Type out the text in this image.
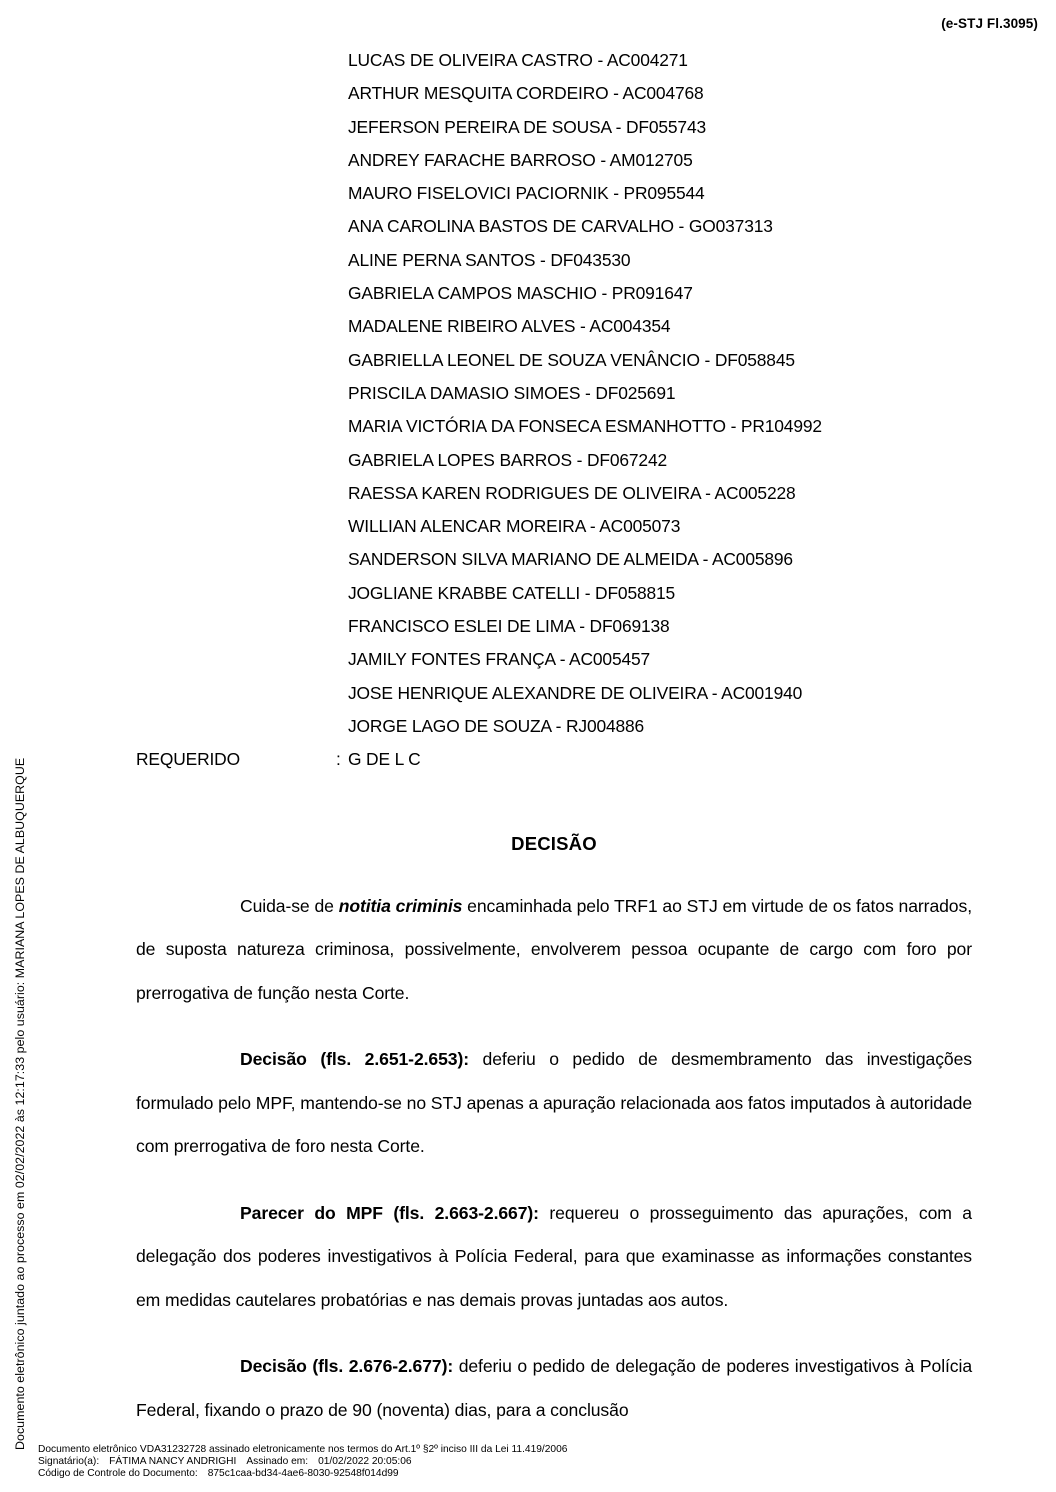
(e-STJ Fl.3095)
Documento eletrônico juntado ao processo em 02/02/2022 às 12:17:33 pelo usuário: MARIANA LOPES DE ALBUQUERQUE
LUCAS DE OLIVEIRA CASTRO - AC004271
ARTHUR MESQUITA CORDEIRO - AC004768
JEFERSON PEREIRA DE SOUSA - DF055743
ANDREY FARACHE BARROSO - AM012705
MAURO FISELOVICI PACIORNIK - PR095544
ANA CAROLINA BASTOS DE CARVALHO - GO037313
ALINE PERNA SANTOS - DF043530
GABRIELA CAMPOS MASCHIO - PR091647
MADALENE RIBEIRO ALVES - AC004354
GABRIELLA LEONEL DE SOUZA VENÂNCIO - DF058845
PRISCILA DAMASIO SIMOES - DF025691
MARIA VICTÓRIA DA FONSECA ESMANHOTTO - PR104992
GABRIELA LOPES BARROS - DF067242
RAESSA KAREN RODRIGUES DE OLIVEIRA - AC005228
WILLIAN ALENCAR MOREIRA - AC005073
SANDERSON SILVA MARIANO DE ALMEIDA - AC005896
JOGLIANE KRABBE CATELLI - DF058815
FRANCISCO ESLEI DE LIMA - DF069138
JAMILY FONTES FRANÇA - AC005457
JOSE HENRIQUE ALEXANDRE DE OLIVEIRA - AC001940
JORGE LAGO DE SOUZA - RJ004886
REQUERIDO	: G DE L C
DECISÃO

Cuida-se de notitia criminis encaminhada pelo TRF1 ao STJ em virtude de os fatos narrados, de suposta natureza criminosa, possivelmente, envolverem pessoa ocupante de cargo com foro por prerrogativa de função nesta Corte.

Decisão (fls. 2.651-2.653): deferiu o pedido de desmembramento das investigações formulado pelo MPF, mantendo-se no STJ apenas a apuração relacionada aos fatos imputados à autoridade com prerrogativa de foro nesta Corte.

Parecer do MPF (fls. 2.663-2.667): requereu o prosseguimento das apurações, com a delegação dos poderes investigativos à Polícia Federal, para que examinasse as informações constantes em medidas cautelares probatórias e nas demais provas juntadas aos autos.

Decisão (fls. 2.676-2.677): deferiu o pedido de delegação de poderes investigativos à Polícia Federal, fixando o prazo de 90 (noventa) dias, para a conclusão

Documento eletrônico VDA31232728 assinado eletronicamente nos termos do Art.1º §2º inciso III da Lei 11.419/2006
Signatário(a): FÁTIMA NANCY ANDRIGHI Assinado em: 01/02/2022 20:05:06
Código de Controle do Documento: 875c1caa-bd34-4ae6-8030-92548f014d99
